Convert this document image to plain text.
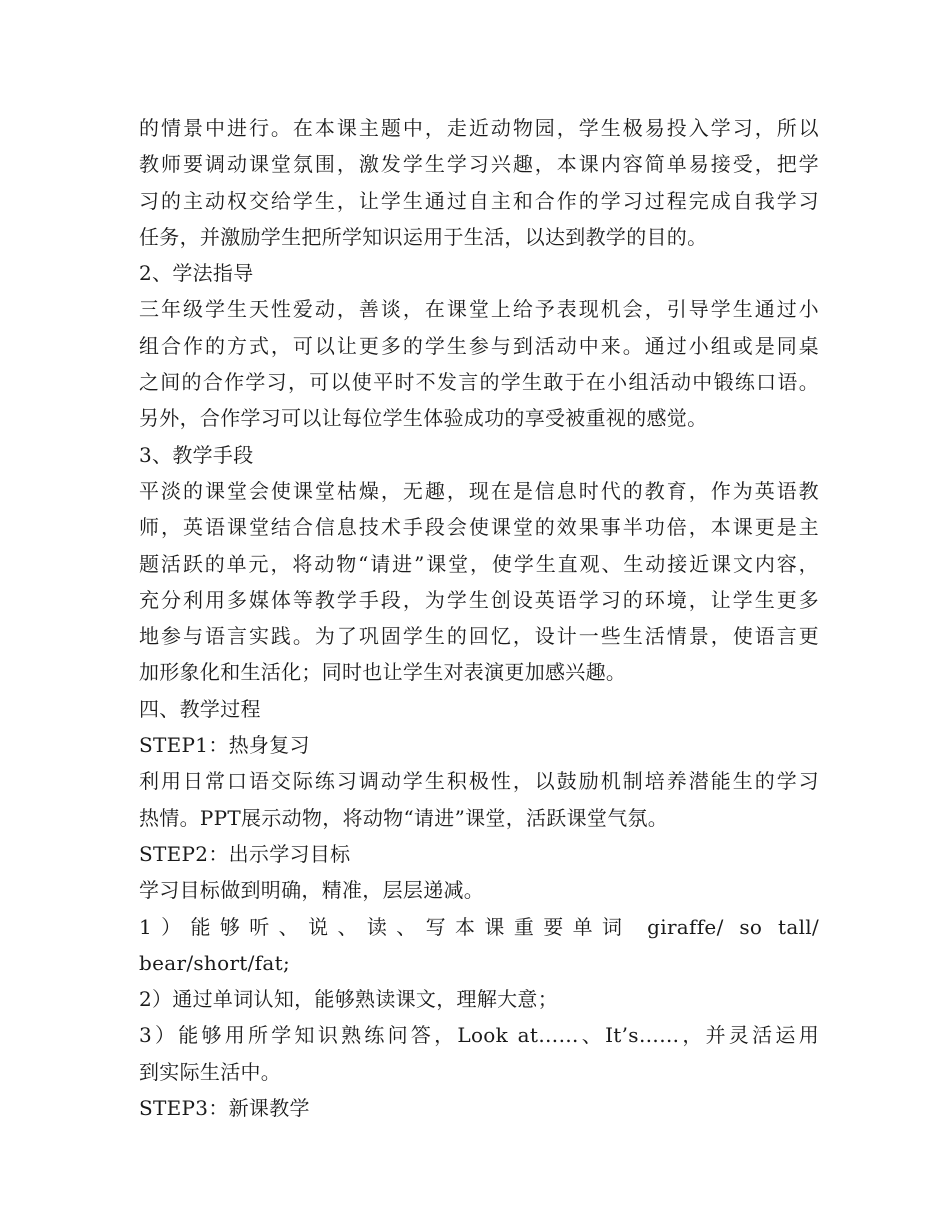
的情景中进行。在本课主题中，走近动物园，学生极易投入学习，所以
教师要调动课堂氛围，激发学生学习兴趣，本课内容简单易接受，把学
习的主动权交给学生，让学生通过自主和合作的学习过程完成自我学习
任务，并激励学生把所学知识运用于生活，以达到教学的目的。
2、学法指导
三年级学生天性爱动，善谈，在课堂上给予表现机会，引导学生通过小
组合作的方式，可以让更多的学生参与到活动中来。通过小组或是同桌
之间的合作学习，可以使平时不发言的学生敢于在小组活动中锻练口语。
另外，合作学习可以让每位学生体验成功的享受被重视的感觉。
3、教学手段
平淡的课堂会使课堂枯燥，无趣，现在是信息时代的教育，作为英语教
师，英语课堂结合信息技术手段会使课堂的效果事半功倍，本课更是主
题活跃的单元，将动物“请进”课堂，使学生直观、生动接近课文内容，
充分利用多媒体等教学手段，为学生创设英语学习的环境，让学生更多
地参与语言实践。为了巩固学生的回忆，设计一些生活情景，使语言更
加形象化和生活化；同时也让学生对表演更加感兴趣。
四、教学过程
STEP1：热身复习
利用日常口语交际练习调动学生积极性，以鼓励机制培养潜能生的学习
热情。PPT展示动物，将动物“请进”课堂，活跃课堂气氛。
STEP2：出示学习目标
学习目标做到明确，精准，层层递减。
1）能够听、说、读、写本课重要单词 giraffe/ so tall/
bear/short/fat;
2）通过单词认知，能够熟读课文，理解大意；
3）能够用所学知识熟练问答，Look at……、It’s……，并灵活运用
到实际生活中。
STEP3：新课教学
